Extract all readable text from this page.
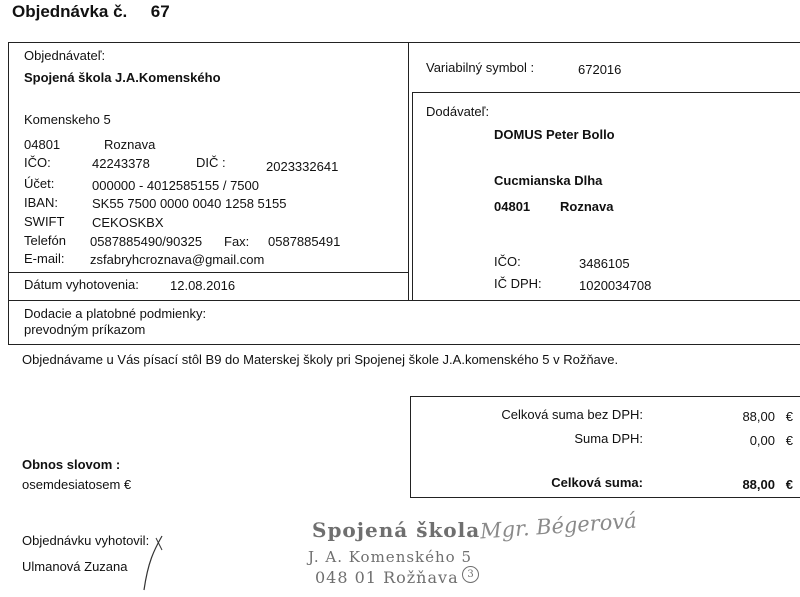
Objednávka č. 67
Objednávateľ:
Spojená škola J.A.Komenského
Komenskeho 5
04801	Roznava
IČO:	42243378	DIČ :	2023332641
Účet:	000000 - 4012585155 / 7500
IBAN:	SK55 7500 0000 0040 1258 5155
SWIFT CEKOSKBX
Telefón 0587885490/90325 Fax: 0587885491
E-mail: zsfabryhcroznava@gmail.com
Dátum vyhotovenia: 12.08.2016
Variabilný symbol :	672016
Dodávateľ:
DOMUS Peter Bollo
Cucmianska Dlha
04801 Roznava
IČO:	3486105
IČ DPH:	1020034708
Dodacie a platobné podmienky:
prevodným príkazom
Objednávame u Vás písací stôl B9 do Materskej školy pri Spojenej škole J.A.komenského 5 v Rožňave.
Celková suma bez DPH:	88,00 €
Suma DPH:	0,00 €
Celková suma:	88,00 €
Obnos slovom :
osemdesiatosem €
Objednávku vyhotovil:
Ulmanová Zuzana
Spojená škola
J. A. Komenského 5
048 01 Rožňava 3
Mgr. Bégerová
